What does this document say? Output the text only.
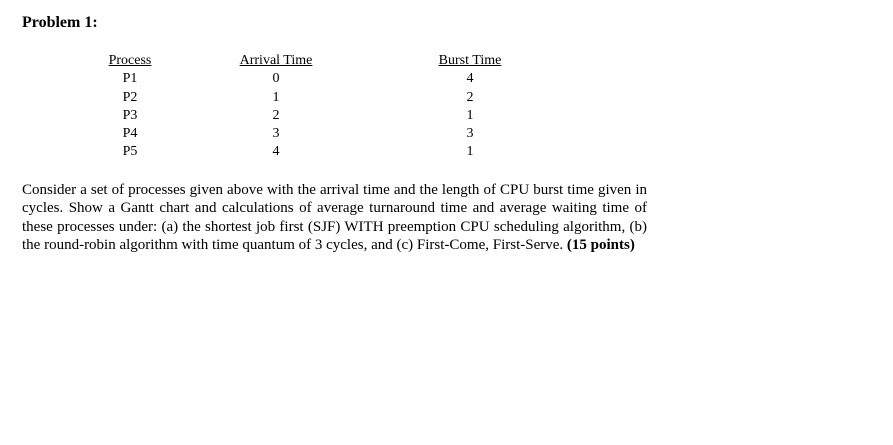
Problem 1:
Process
P1
P2
P3
P4
P5
Arrival Time
0
1
2
3
4
Burst Time
4
2
1
3
1

Consider a set of processes given above with the arrival time and the length of CPU burst time given in cycles. Show a Gantt chart and calculations of average turnaround time and average waiting time of these processes under: (a) the shortest job first (SJF) WITH preemption CPU scheduling algorithm, (b) the round-robin algorithm with time quantum of 3 cycles, and (c) First-Come, First-Serve. (15 points)
